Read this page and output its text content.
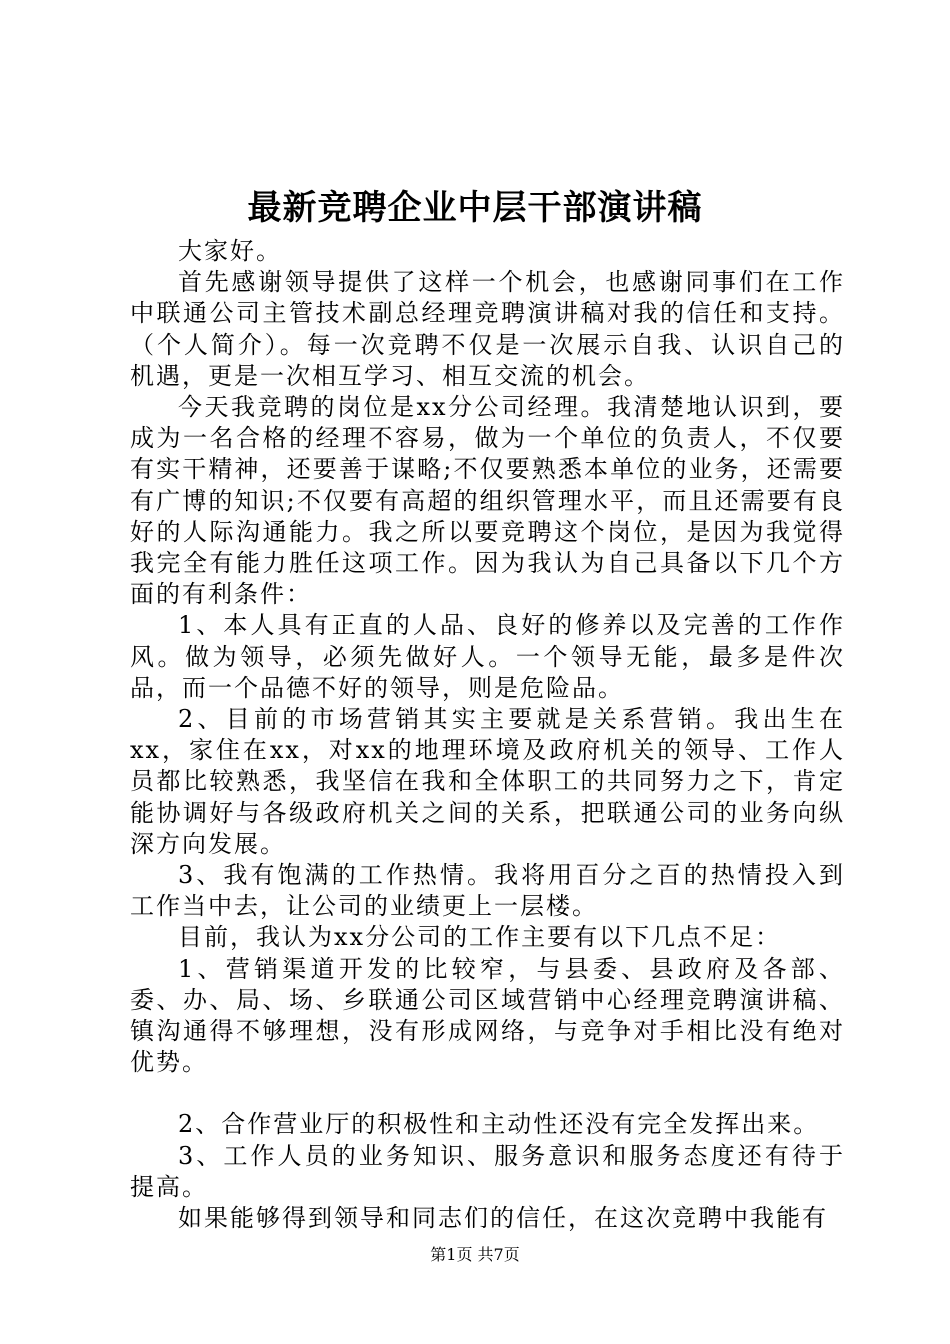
最新竞聘企业中层干部演讲稿

大家好。

首先感谢领导提供了这样一个机会，也感谢同事们在工作中联通公司主管技术副总经理竞聘演讲稿对我的信任和支持。（个人简介）。每一次竞聘不仅是一次展示自我、认识自己的机遇，更是一次相互学习、相互交流的机会。

今天我竞聘的岗位是xx分公司经理。我清楚地认识到，要成为一名合格的经理不容易，做为一个单位的负责人，不仅要有实干精神，还要善于谋略;不仅要熟悉本单位的业务，还需要有广博的知识;不仅要有高超的组织管理水平，而且还需要有良好的人际沟通能力。我之所以要竞聘这个岗位，是因为我觉得我完全有能力胜任这项工作。因为我认为自己具备以下几个方面的有利条件：

1、本人具有正直的人品、良好的修养以及完善的工作作风。做为领导，必须先做好人。一个领导无能，最多是件次品，而一个品德不好的领导，则是危险品。

2、目前的市场营销其实主要就是关系营销。我出生在xx，家住在xx，对xx的地理环境及政府机关的领导、工作人员都比较熟悉，我坚信在我和全体职工的共同努力之下，肯定能协调好与各级政府机关之间的关系，把联通公司的业务向纵深方向发展。

3、我有饱满的工作热情。我将用百分之百的热情投入到工作当中去，让公司的业绩更上一层楼。

目前，我认为xx分公司的工作主要有以下几点不足：

1、营销渠道开发的比较窄，与县委、县政府及各部、委、办、局、场、乡联通公司区域营销中心经理竞聘演讲稿、镇沟通得不够理想，没有形成网络，与竞争对手相比没有绝对优势。

2、合作营业厅的积极性和主动性还没有完全发挥出来。

3、工作人员的业务知识、服务意识和服务态度还有待于提高。

如果能够得到领导和同志们的信任，在这次竞聘中我能有

第1页 共7页
